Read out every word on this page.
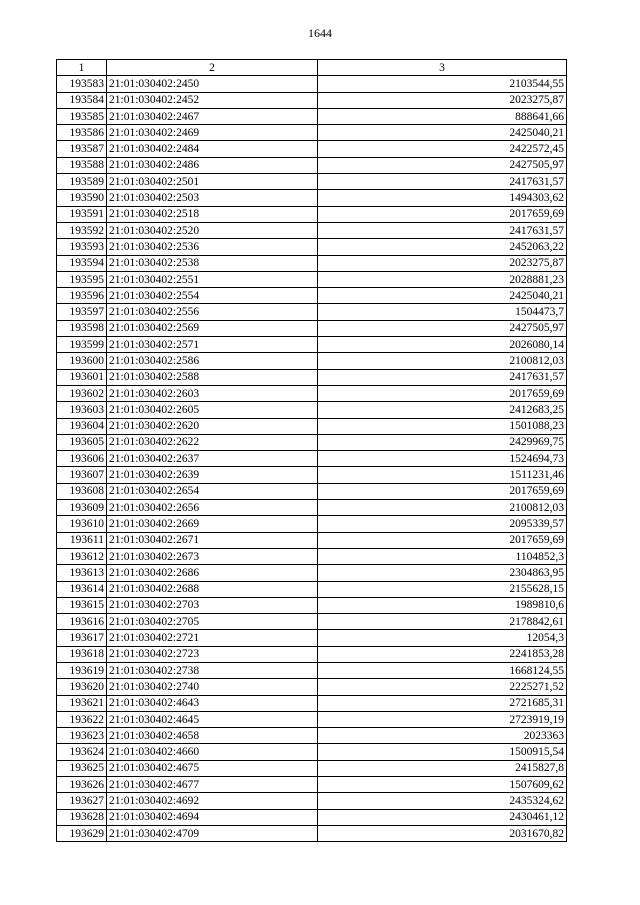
1644
1	2	3
193583	21:01:030402:2450	2103544,55
193584	21:01:030402:2452	2023275,87
193585	21:01:030402:2467	888641,66
193586	21:01:030402:2469	2425040,21
193587	21:01:030402:2484	2422572,45
193588	21:01:030402:2486	2427505,97
193589	21:01:030402:2501	2417631,57
193590	21:01:030402:2503	1494303,62
193591	21:01:030402:2518	2017659,69
193592	21:01:030402:2520	2417631,57
193593	21:01:030402:2536	2452063,22
193594	21:01:030402:2538	2023275,87
193595	21:01:030402:2551	2028881,23
193596	21:01:030402:2554	2425040,21
193597	21:01:030402:2556	1504473,7
193598	21:01:030402:2569	2427505,97
193599	21:01:030402:2571	2026080,14
193600	21:01:030402:2586	2100812,03
193601	21:01:030402:2588	2417631,57
193602	21:01:030402:2603	2017659,69
193603	21:01:030402:2605	2412683,25
193604	21:01:030402:2620	1501088,23
193605	21:01:030402:2622	2429969,75
193606	21:01:030402:2637	1524694,73
193607	21:01:030402:2639	1511231,46
193608	21:01:030402:2654	2017659,69
193609	21:01:030402:2656	2100812,03
193610	21:01:030402:2669	2095339,57
193611	21:01:030402:2671	2017659,69
193612	21:01:030402:2673	1104852,3
193613	21:01:030402:2686	2304863,95
193614	21:01:030402:2688	2155628,15
193615	21:01:030402:2703	1989810,6
193616	21:01:030402:2705	2178842,61
193617	21:01:030402:2721	12054,3
193618	21:01:030402:2723	2241853,28
193619	21:01:030402:2738	1668124,55
193620	21:01:030402:2740	2225271,52
193621	21:01:030402:4643	2721685,31
193622	21:01:030402:4645	2723919,19
193623	21:01:030402:4658	2023363
193624	21:01:030402:4660	1500915,54
193625	21:01:030402:4675	2415827,8
193626	21:01:030402:4677	1507609,62
193627	21:01:030402:4692	2435324,62
193628	21:01:030402:4694	2430461,12
193629	21:01:030402:4709	2031670,82
